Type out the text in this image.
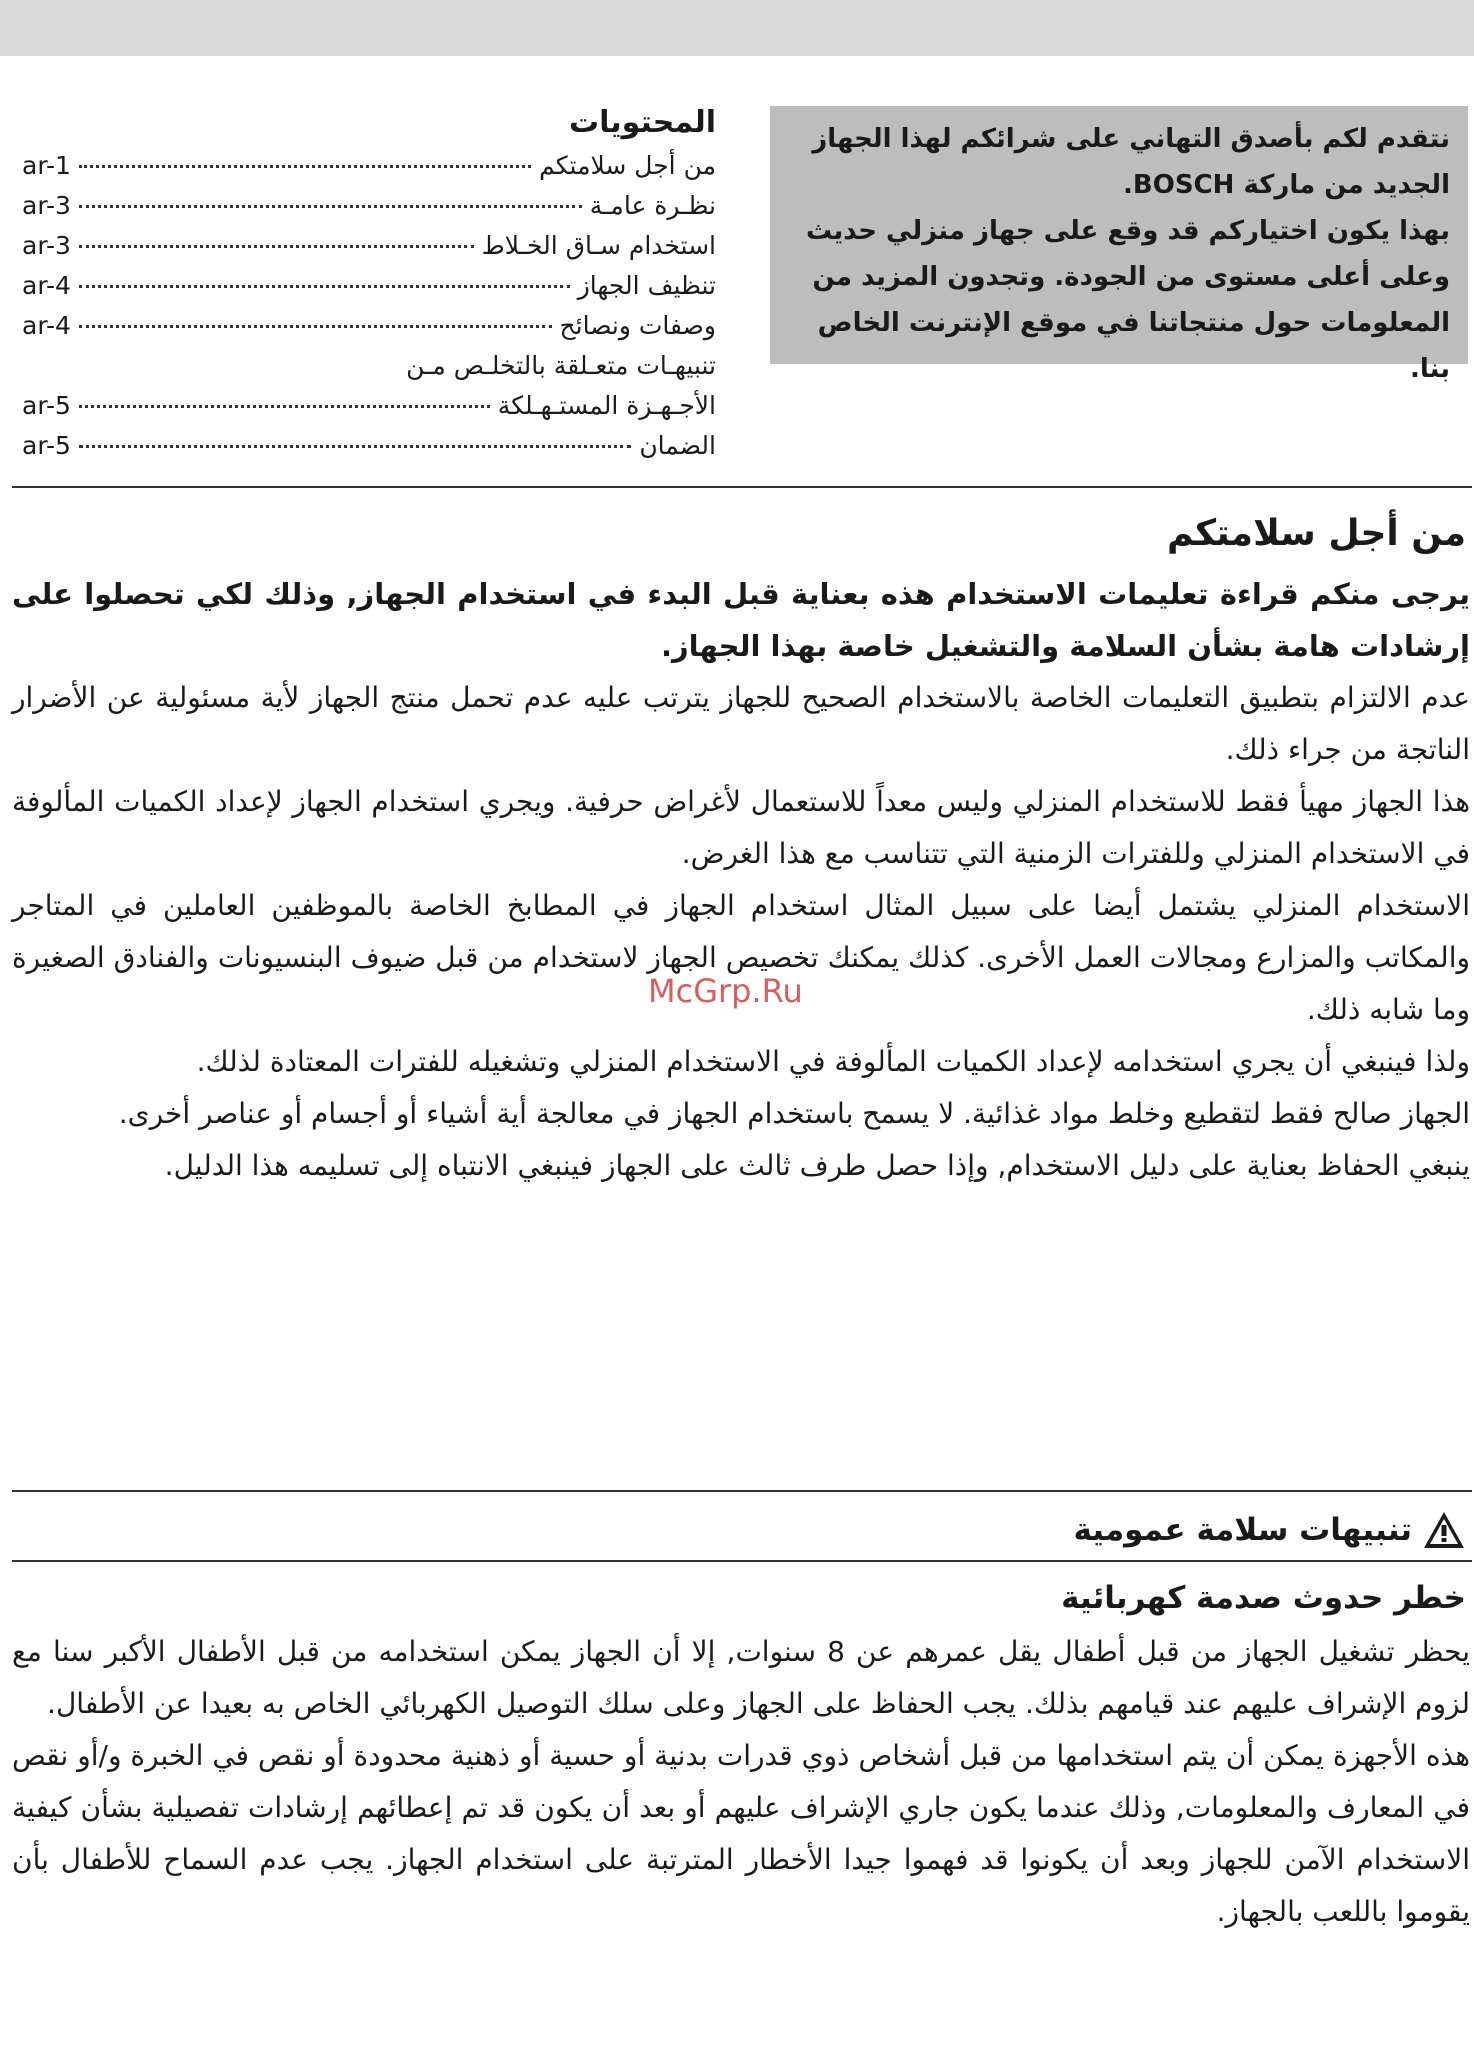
نتقدم لكم بأصدق التهاني على شرائكم لهذا الجهاز الجديد من ماركة BOSCH.

بهذا يكون اختياركم قد وقع على جهاز منزلي حديث وعلى أعلى مستوى من الجودة. وتجدون المزيد من المعلومات حول منتجاتنا في موقع الإنترنت الخاص بنا.

المحتويات
من أجل سلامتكم
ar-1
نظـرة عامـة
ar-3
استخدام سـاق الخـلاط
ar-3
تنظيف الجهاز
ar-4
وصفات ونصائح
ar-4
تنبيهـات متعـلقة بالتخلـص مـن
الأجـهـزة المستـهـلكة
ar-5
الضمان
ar-5
من أجل سلامتكم

يرجى منكم قراءة تعليمات الاستخدام هذه بعناية قبل البدء في استخدام الجهاز, وذلك لكي تحصلوا على إرشادات هامة بشأن السلامة والتشغيل خاصة بهذا الجهاز.

عدم الالتزام بتطبيق التعليمات الخاصة بالاستخدام الصحيح للجهاز يترتب عليه عدم تحمل منتج الجهاز لأية مسئولية عن الأضرار الناتجة من جراء ذلك.

هذا الجهاز مهيأ فقط للاستخدام المنزلي وليس معداً للاستعمال لأغراض حرفية. ويجري استخدام الجهاز لإعداد الكميات المألوفة في الاستخدام المنزلي وللفترات الزمنية التي تتناسب مع هذا الغرض.

الاستخدام المنزلي يشتمل أيضا على سبيل المثال استخدام الجهاز في المطابخ الخاصة بالموظفين العاملين في المتاجر والمكاتب والمزارع ومجالات العمل الأخرى. كذلك يمكنك تخصيص الجهاز لاستخدام من قبل ضيوف البنسيونات والفنادق الصغيرة وما شابه ذلك.

ولذا فينبغي أن يجري استخدامه لإعداد الكميات المألوفة في الاستخدام المنزلي وتشغيله للفترات المعتادة لذلك.

الجهاز صالح فقط لتقطيع وخلط مواد غذائية. لا يسمح باستخدام الجهاز في معالجة أية أشياء أو أجسام أو عناصر أخرى.

ينبغي الحفاظ بعناية على دليل الاستخدام, وإذا حصل طرف ثالث على الجهاز فينبغي الانتباه إلى تسليمه هذا الدليل.

McGrp.Ru
تنبيهات سلامة عمومية
خطر حدوث صدمة كهربائية

يحظر تشغيل الجهاز من قبل أطفال يقل عمرهم عن 8 سنوات, إلا أن الجهاز يمكن استخدامه من قبل الأطفال الأكبر سنا مع لزوم الإشراف عليهم عند قيامهم بذلك. يجب الحفاظ على الجهاز وعلى سلك التوصيل الكهربائي الخاص به بعيدا عن الأطفال.

هذه الأجهزة يمكن أن يتم استخدامها من قبل أشخاص ذوي قدرات بدنية أو حسية أو ذهنية محدودة أو نقص في الخبرة و/أو نقص في المعارف والمعلومات, وذلك عندما يكون جاري الإشراف عليهم أو بعد أن يكون قد تم إعطائهم إرشادات تفصيلية بشأن كيفية الاستخدام الآمن للجهاز وبعد أن يكونوا قد فهموا جيدا الأخطار المترتبة على استخدام الجهاز. يجب عدم السماح للأطفال بأن يقوموا باللعب بالجهاز.
